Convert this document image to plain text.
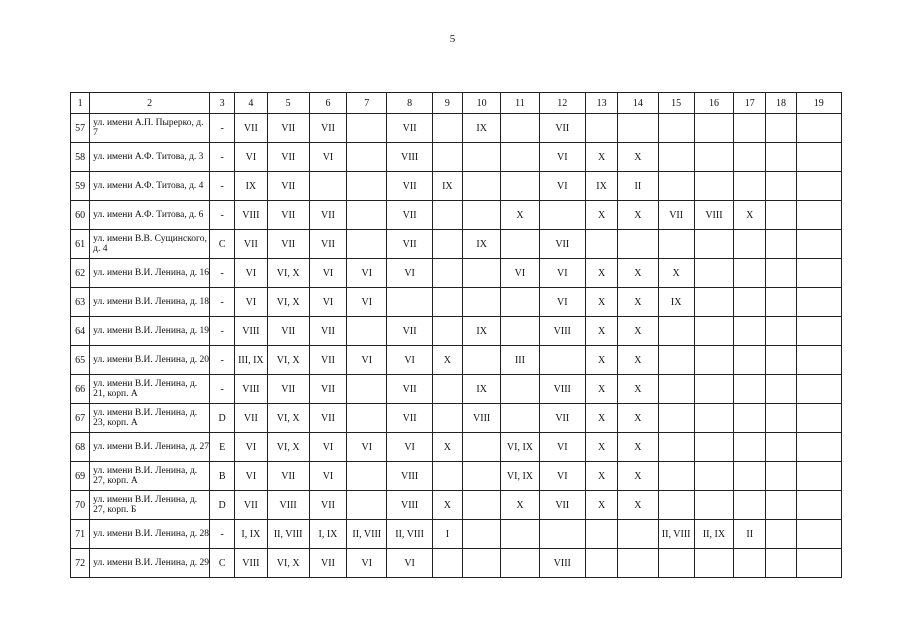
5
1	2	3	4	5	6	7	8	9	10	11	12	13	14	15	16	17	18	19
57	ул. имени А.П. Пырерко, д. 7	-	VII	VII	VII		VII		IX		VII							
58	ул. имени А.Ф. Титова, д. 3	-	VI	VII	VI		VIII				VI	X	X					
59	ул. имени А.Ф. Титова, д. 4	-	IX	VII			VII	IX			VI	IX	II					
60	ул. имени А.Ф. Титова, д. 6	-	VIII	VII	VII		VII			X		X	X	VII	VIII	X		
61	ул. имени В.В. Сущинского, д. 4	C	VII	VII	VII		VII		IX		VII							
62	ул. имени В.И. Ленина, д. 16	-	VI	VI, X	VI	VI	VI			VI	VI	X	X	X				
63	ул. имени В.И. Ленина, д. 18	-	VI	VI, X	VI	VI					VI	X	X	IX				
64	ул. имени В.И. Ленина, д. 19	-	VIII	VII	VII		VII		IX		VIII	X	X					
65	ул. имени В.И. Ленина, д. 20	-	III, IX	VI, X	VII	VI	VI	X		III		X	X					
66	ул. имени В.И. Ленина, д. 21, корп. А	-	VIII	VII	VII		VII		IX		VIII	X	X					
67	ул. имени В.И. Ленина, д. 23, корп. А	D	VII	VI, X	VII		VII		VIII		VII	X	X					
68	ул. имени В.И. Ленина, д. 27	E	VI	VI, X	VI	VI	VI	X		VI, IX	VI	X	X					
69	ул. имени В.И. Ленина, д. 27, корп. А	B	VI	VII	VI		VIII			VI, IX	VI	X	X					
70	ул. имени В.И. Ленина, д. 27, корп. Б	D	VII	VIII	VII		VIII	X		X	VII	X	X					
71	ул. имени В.И. Ленина, д. 28	-	I, IX	II, VIII	I, IX	II, VIII	II, VIII	I						II, VIII	II, IX	II		
72	ул. имени В.И. Ленина, д. 29	C	VIII	VI, X	VII	VI	VI				VIII							
